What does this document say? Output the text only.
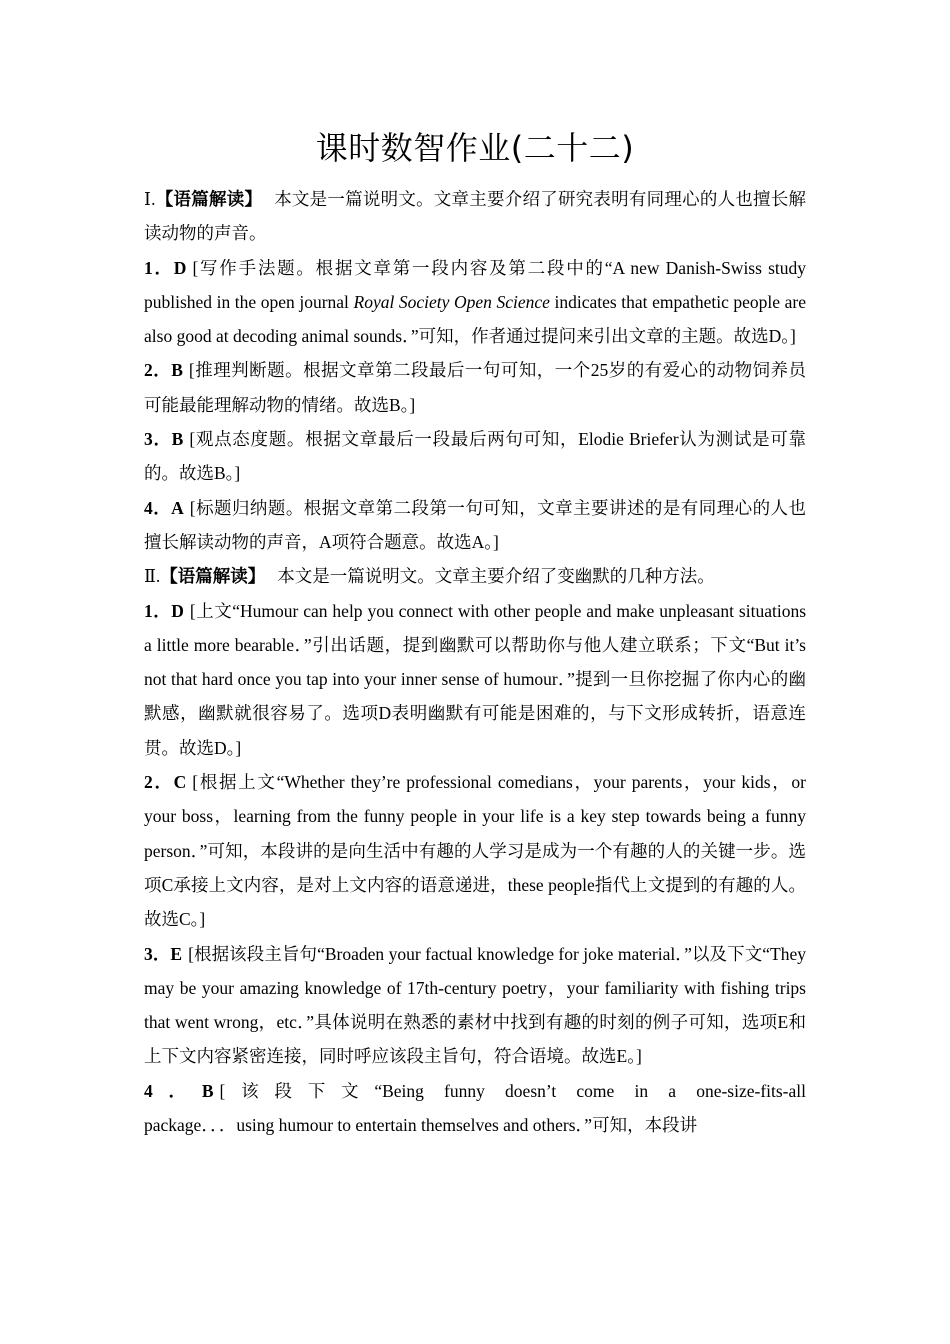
课时数智作业(二十二)

Ⅰ.【语篇解读】 本文是一篇说明文。文章主要介绍了研究表明有同理心的人也擅长解读动物的声音。

1．D [写作手法题。根据文章第一段内容及第二段中的“A new Danish-Swiss study published in the open journal Royal Society Open Science indicates that empathetic people are also good at decoding animal sounds．”可知，作者通过提问来引出文章的主题。故选D。]

2．B [推理判断题。根据文章第二段最后一句可知，一个25岁的有爱心的动物饲养员可能最能理解动物的情绪。故选B。]

3．B [观点态度题。根据文章最后一段最后两句可知，Elodie Briefer认为测试是可靠的。故选B。]

4．A [标题归纳题。根据文章第二段第一句可知，文章主要讲述的是有同理心的人也擅长解读动物的声音，A项符合题意。故选A。]

Ⅱ.【语篇解读】 本文是一篇说明文。文章主要介绍了变幽默的几种方法。

1．D [上文“Humour can help you connect with other people and make unpleasant situations a little more bearable．”引出话题，提到幽默可以帮助你与他人建立联系；下文“But it’s not that hard once you tap into your inner sense of humour．”提到一旦你挖掘了你内心的幽默感，幽默就很容易了。选项D表明幽默有可能是困难的，与下文形成转折，语意连贯。故选D。]

2．C [根据上文“Whether they’re professional comedians，your parents，your kids，or your boss，learning from the funny people in your life is a key step towards being a funny person．”可知，本段讲的是向生活中有趣的人学习是成为一个有趣的人的关键一步。选项C承接上文内容，是对上文内容的语意递进，these people指代上文提到的有趣的人。故选C。]

3．E [根据该段主旨句“Broaden your factual knowledge for joke material．”以及下文“They may be your amazing knowledge of 17th-century poetry，your familiarity with fishing trips that went wrong，etc．”具体说明在熟悉的素材中找到有趣的时刻的例子可知，选项E和上下文内容紧密连接，同时呼应该段主旨句，符合语境。故选E。]

4．B [该段下文“Being funny doesn’t come in a one-size-fits-all

package．．．using humour to entertain themselves and others．”可知，本段讲
